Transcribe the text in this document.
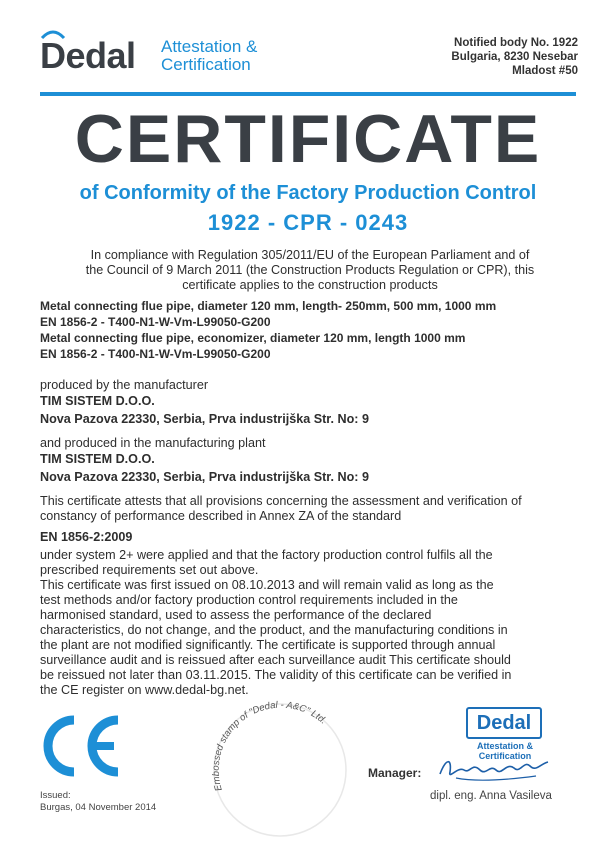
Dedal Attestation &
Certification
Notified body No. 1922
Bulgaria, 8230 Nesebar
Mladost #50
CERTIFICATE
of Conformity of the Factory Production Control
1922 - CPR - 0243
In compliance with Regulation 305/2011/EU of the European Parliament and of
the Council of 9 March 2011 (the Construction Products Regulation or CPR), this
certificate applies to the construction products
Metal connecting flue pipe, diameter 120 mm, length- 250mm, 500 mm, 1000 mm
EN 1856-2 - T400-N1-W-Vm-L99050-G200
Metal connecting flue pipe, economizer, diameter 120 mm, length 1000 mm
EN 1856-2 - T400-N1-W-Vm-L99050-G200
produced by the manufacturer
TIM SISTEM D.O.O.
Nova Pazova 22330, Serbia, Prva industrijška Str. No: 9
and produced in the manufacturing plant
TIM SISTEM D.O.O.
Nova Pazova 22330, Serbia, Prva industrijška Str. No: 9
This certificate attests that all provisions concerning the assessment and verification of
constancy of performance described in Annex ZA of the standard
EN 1856-2:2009
under system 2+ were applied and that the factory production control fulfils all the
prescribed requirements set out above.
This certificate was first issued on 08.10.2013 and will remain valid as long as the
test methods and/or factory production control requirements included in the
harmonised standard, used to assess the performance of the declared
characteristics, do not change, and the product, and the manufacturing conditions in
the plant are not modified significantly. The certificate is supported through annual
surveillance audit and is reissued after each surveillance audit This certificate should
be reissued not later than 03.11.2015. The validity of this certificate can be verified in
the CE register on www.dedal-bg.net.
Issued:
Burgas, 04 November 2014
Embossed stamp of "Dedal - A&C" Ltd.	Dedal
Attestation &
Certification
Manager:
dipl. eng. Anna Vasileva
